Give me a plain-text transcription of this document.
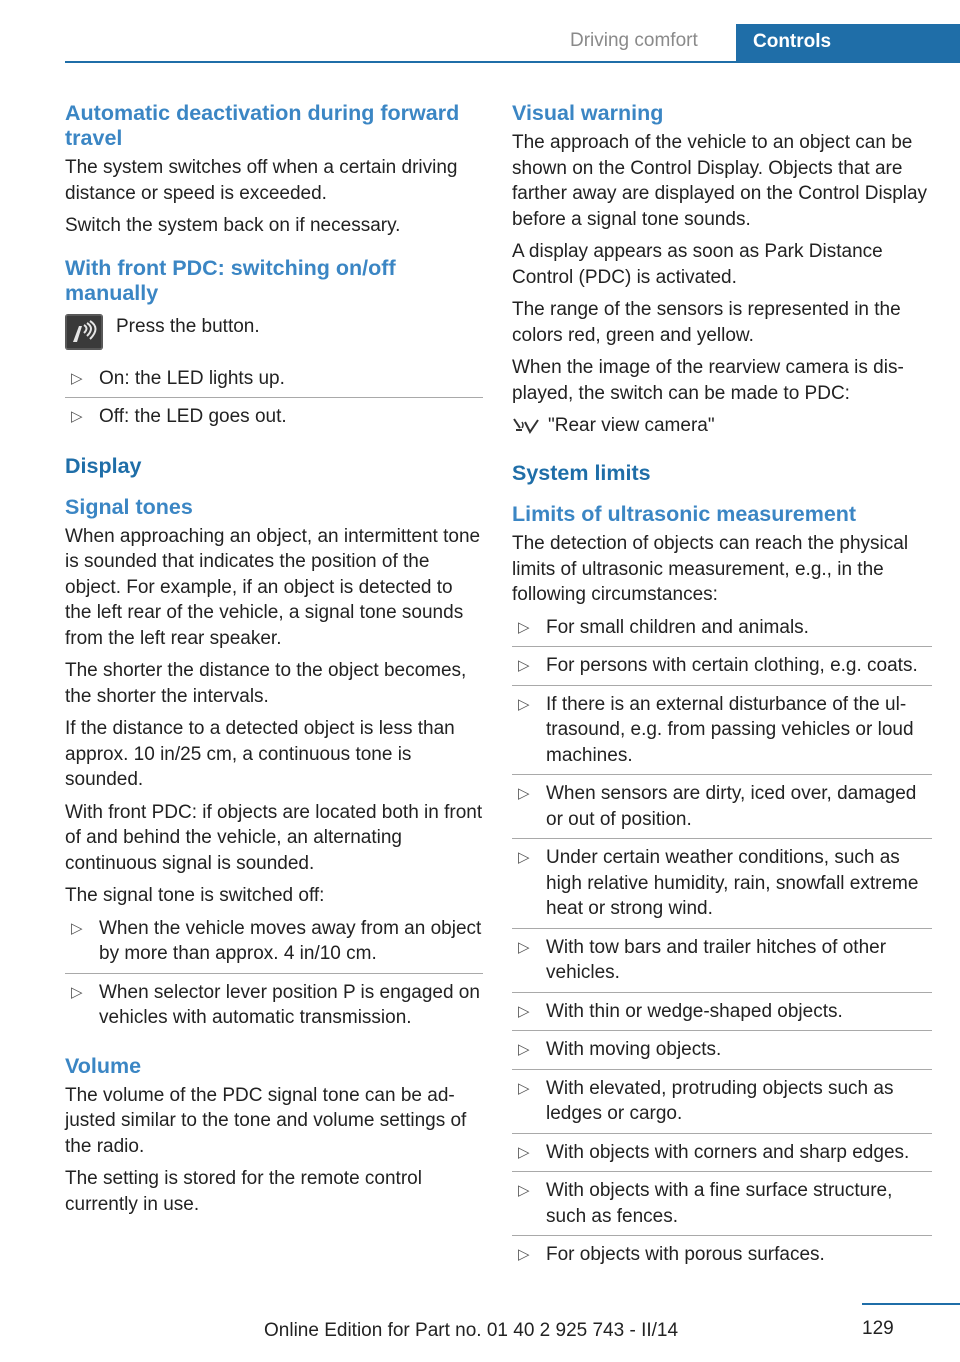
Driving comfort	Controls
Automatic deactivation during forward travel

The system switches off when a certain driving distance or speed is exceeded.

Switch the system back on if necessary.

With front PDC: switching on/off manually
Press the button.
▷ On: the LED lights up.
▷ Off: the LED goes out.
Display
Signal tones

When approaching an object, an intermittent tone is sounded that indicates the position of the object. For example, if an object is detected to the left rear of the vehicle, a signal tone sounds from the left rear speaker.

The shorter the distance to the object becomes, the shorter the intervals.

If the distance to a detected object is less than approx. 10 in/25 cm, a continuous tone is sounded.

With front PDC: if objects are located both in front of and behind the vehicle, an alternating continuous signal is sounded.

The signal tone is switched off:

▷ When the vehicle moves away from an object by more than approx. 4 in/10 cm.
▷ When selector lever position P is engaged on vehicles with automatic transmission.
Volume

The volume of the PDC signal tone can be adjusted similar to the tone and volume settings of the radio.

The setting is stored for the remote control currently in use.

Visual warning

The approach of the vehicle to an object can be shown on the Control Display. Objects that are farther away are displayed on the Control Display before a signal tone sounds.

A display appears as soon as Park Distance Control (PDC) is activated.

The range of the sensors is represented in the colors red, green and yellow.

When the image of the rearview camera is displayed, the switch can be made to PDC:

"Rear view camera"
System limits
Limits of ultrasonic measurement

The detection of objects can reach the physical limits of ultrasonic measurement, e.g., in the following circumstances:

▷ For small children and animals.
▷ For persons with certain clothing, e.g. coats.
▷ If there is an external disturbance of the ultrasound, e.g. from passing vehicles or loud machines.
▷ When sensors are dirty, iced over, damaged or out of position.
▷ Under certain weather conditions, such as high relative humidity, rain, snowfall extreme heat or strong wind.
▷ With tow bars and trailer hitches of other vehicles.
▷ With thin or wedge-shaped objects.
▷ With moving objects.
▷ With elevated, protruding objects such as ledges or cargo.
▷ With objects with corners and sharp edges.
▷ With objects with a fine surface structure, such as fences.
▷ For objects with porous surfaces.
129
Online Edition for Part no. 01 40 2 925 743 - II/14
